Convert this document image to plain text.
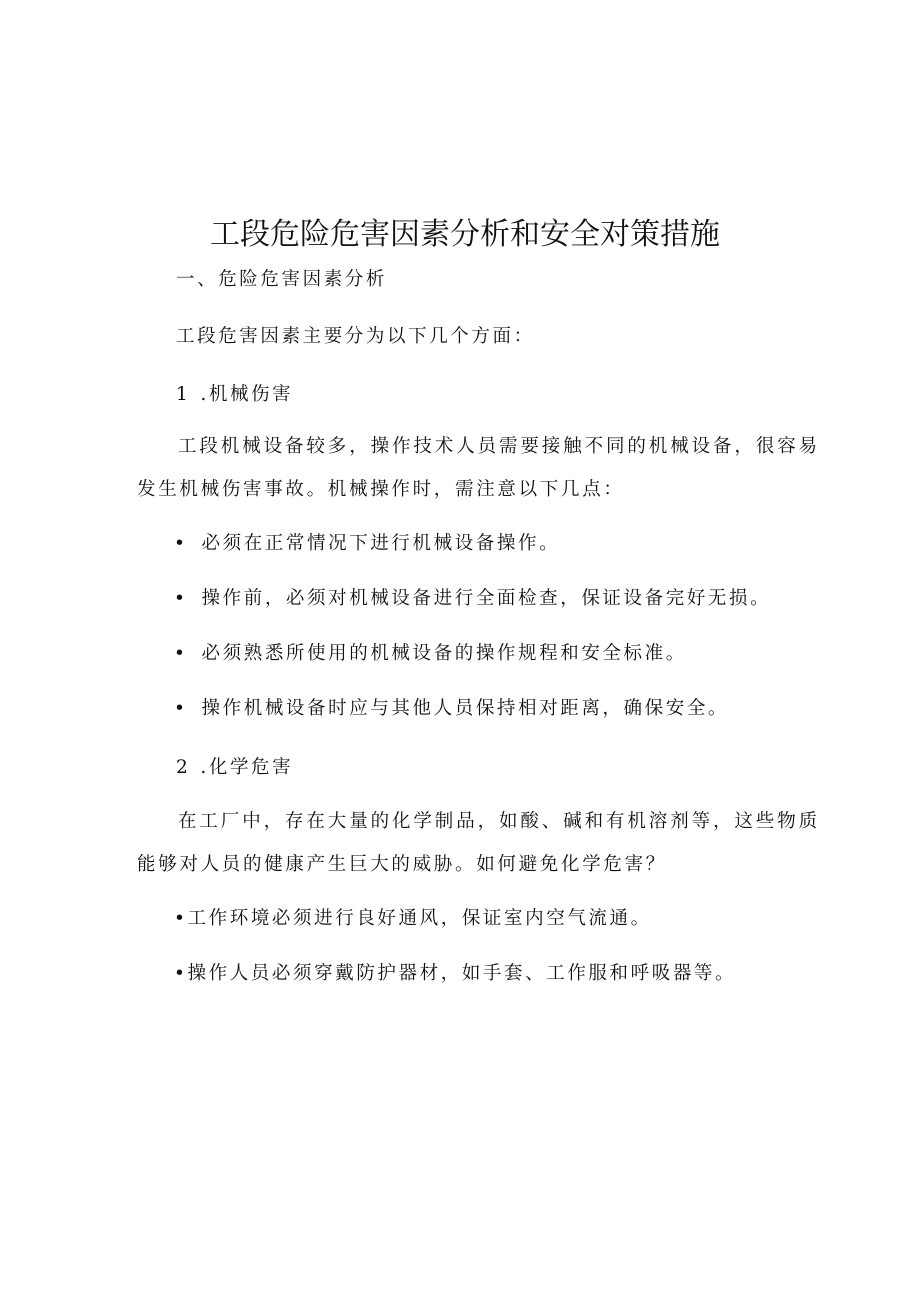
工段危险危害因素分析和安全对策措施
一、危险危害因素分析
工段危害因素主要分为以下几个方面：
1 .机械伤害
工段机械设备较多，操作技术人员需要接触不同的机械设备，很容易
发生机械伤害事故。机械操作时，需注意以下几点：
• 必须在正常情况下进行机械设备操作。
• 操作前，必须对机械设备进行全面检查，保证设备完好无损。
• 必须熟悉所使用的机械设备的操作规程和安全标准。
• 操作机械设备时应与其他人员保持相对距离，确保安全。
2 .化学危害
在工厂中，存在大量的化学制品，如酸、碱和有机溶剂等，这些物质
能够对人员的健康产生巨大的威胁。如何避免化学危害？
•工作环境必须进行良好通风，保证室内空气流通。
•操作人员必须穿戴防护器材，如手套、工作服和呼吸器等。
